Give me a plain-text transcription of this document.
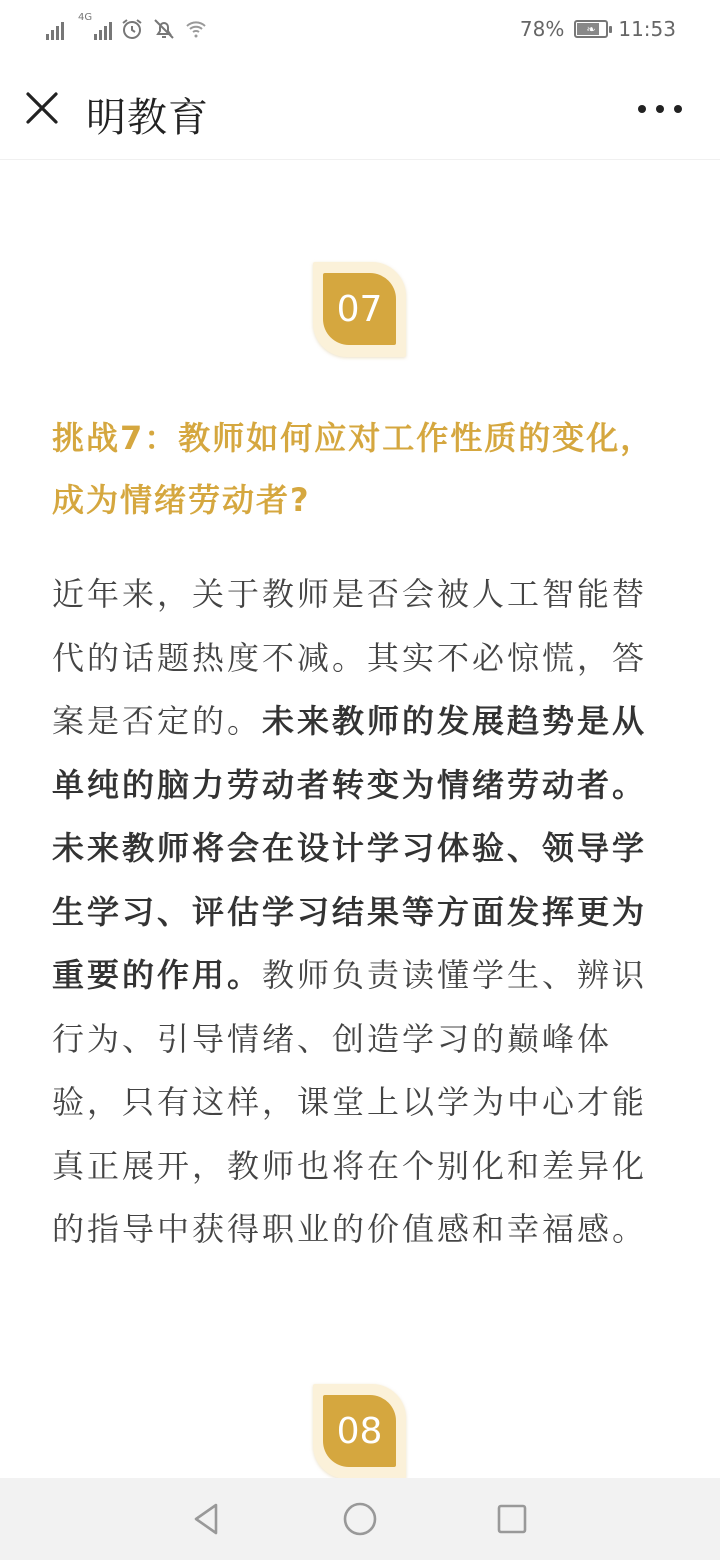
4G	78% ❧ 11:53
明教育
07
挑战7：教师如何应对工作性质的变化，成为情绪劳动者?

近年来，关于教师是否会被人工智能替代的话题热度不减。其实不必惊慌，答案是否定的。未来教师的发展趋势是从单纯的脑力劳动者转变为情绪劳动者。未来教师将会在设计学习体验、领导学生学习、评估学习结果等方面发挥更为重要的作用。教师负责读懂学生、辨识行为、引导情绪、创造学习的巅峰体验，只有这样，课堂上以学为中心才能真正展开，教师也将在个别化和差异化的指导中获得职业的价值感和幸福感。

08
